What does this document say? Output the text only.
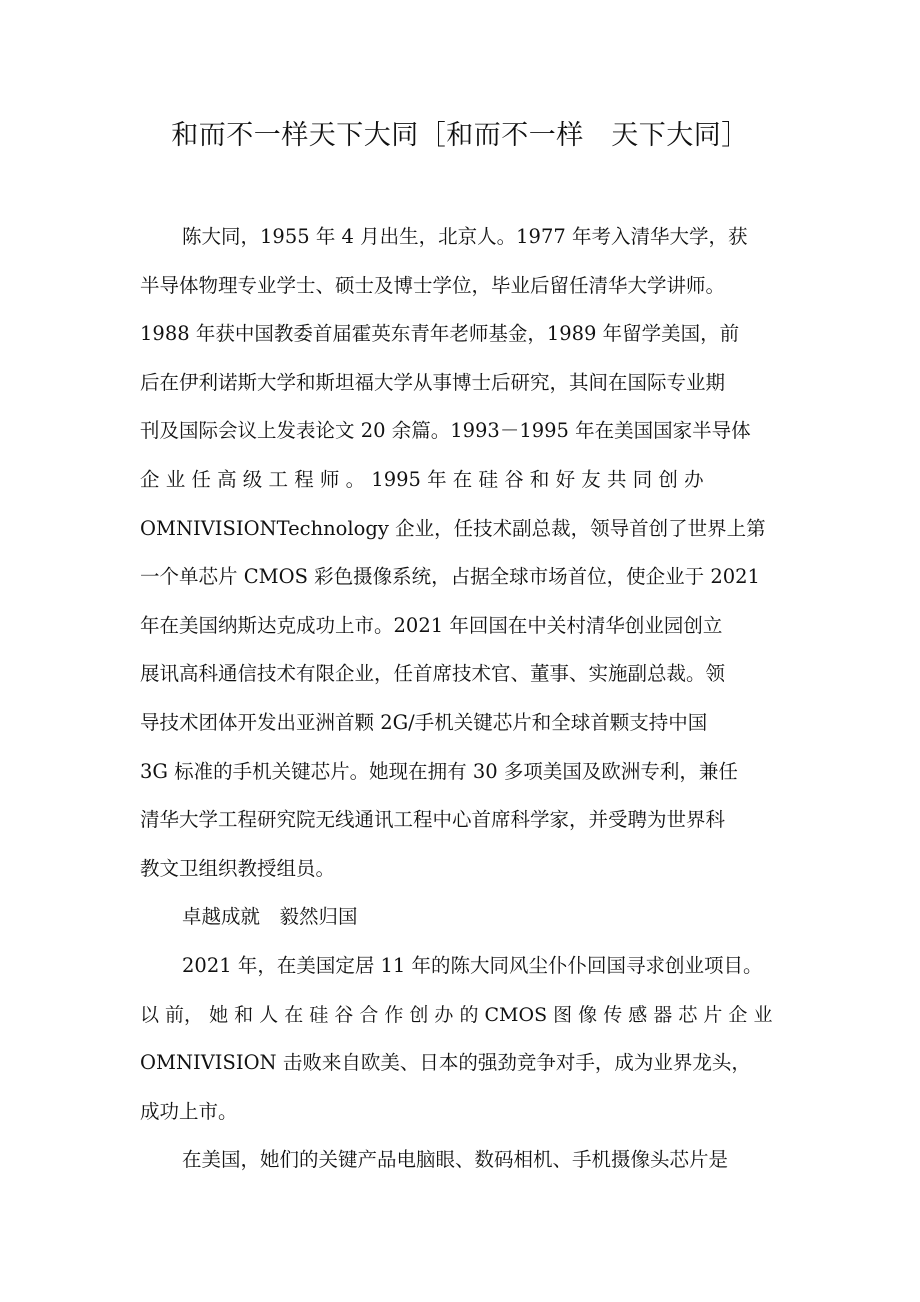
和而不一样天下大同［和而不一样　天下大同］
陈大同，1955 年 4 月出生，北京人。1977 年考入清华大学，获
半导体物理专业学士、硕士及博士学位，毕业后留任清华大学讲师。
1988 年获中国教委首届霍英东青年老师基金，1989 年留学美国，前
后在伊利诺斯大学和斯坦福大学从事博士后研究，其间在国际专业期
刊及国际会议上发表论文 20 余篇。1993－1995 年在美国国家半导体
企 业 任 高 级 工 程 师 。 1995 年 在 硅 谷 和 好 友 共 同 创 办
OMNIVISIONTechnology 企业，任技术副总裁，领导首创了世界上第
一个单芯片 CMOS 彩色摄像系统，占据全球市场首位，使企业于 2021
年在美国纳斯达克成功上市。2021 年回国在中关村清华创业园创立
展讯高科通信技术有限企业，任首席技术官、董事、实施副总裁。领
导技术团体开发出亚洲首颗 2G/手机关键芯片和全球首颗支持中国
3G 标准的手机关键芯片。她现在拥有 30 多项美国及欧洲专利，兼任
清华大学工程研究院无线通讯工程中心首席科学家，并受聘为世界科
教文卫组织教授组员。
卓越成就　毅然归国
2021 年，在美国定居 11 年的陈大同风尘仆仆回国寻求创业项目。
以 前， 她 和 人 在 硅 谷 合 作 创 办 的 CMOS 图 像 传 感 器 芯 片 企 业
OMNIVISION 击败来自欧美、日本的强劲竞争对手，成为业界龙头，
成功上市。
在美国，她们的关键产品电脑眼、数码相机、手机摄像头芯片是
